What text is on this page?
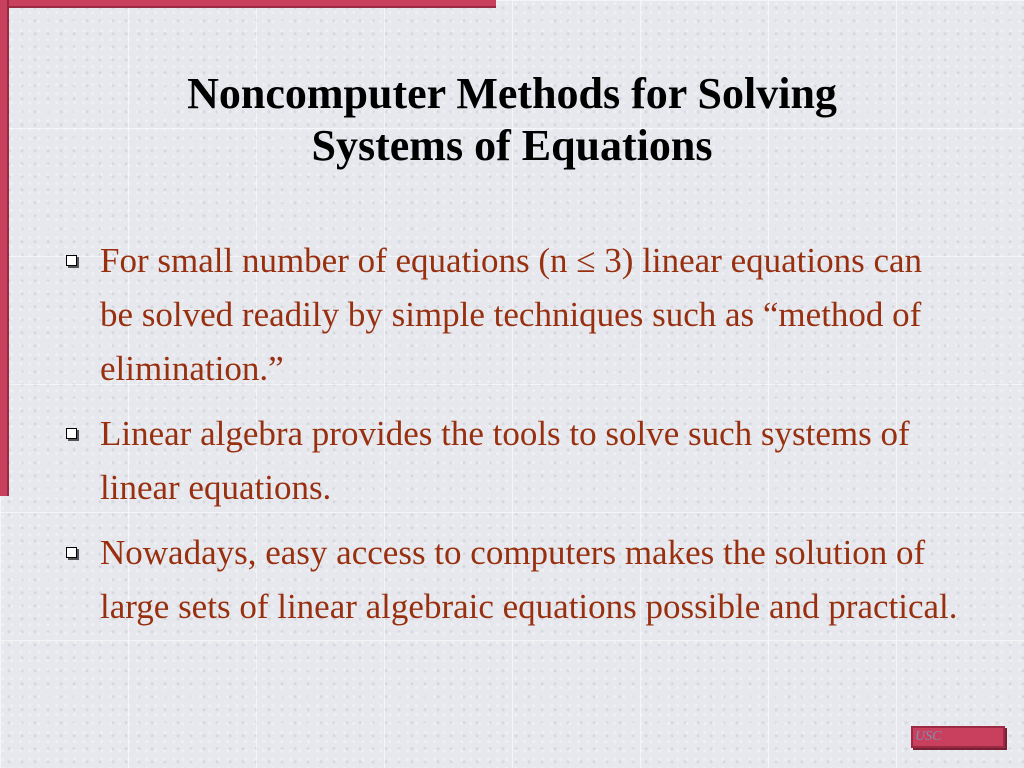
Noncomputer Methods for Solving
Systems of Equations
For small number of equations (n ≤ 3) linear equations can be solved readily by simple techniques such as “method of elimination.”
Linear algebra provides the tools to solve such systems of linear equations.
Nowadays, easy access to computers makes the solution of large sets of linear algebraic equations possible and practical.
USC
